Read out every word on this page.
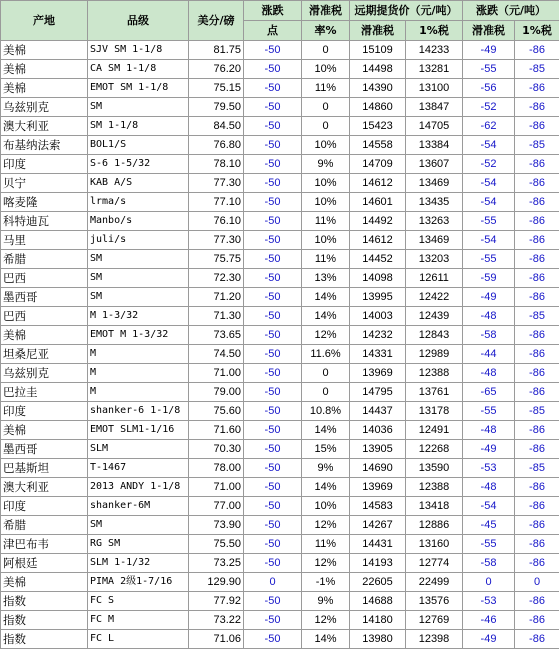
产地	品级	美分/磅	涨跌	滑准税	远期提货价（元/吨）		涨跌（元/吨）	
			点	率%	滑准税	1%税	滑准税	1%税
美棉	SJV SM 1-1/8	81.75	-50	0	15109	14233	-49	-86
美棉	CA SM 1-1/8	76.20	-50	10%	14498	13281	-55	-85
美棉	EMOT SM 1-1/8	75.15	-50	11%	14390	13100	-56	-86
乌兹别克	SM	79.50	-50	0	14860	13847	-52	-86
澳大利亚	SM 1-1/8	84.50	-50	0	15423	14705	-62	-86
布基纳法索	BOL1/S	76.80	-50	10%	14558	13384	-54	-85
印度	S-6 1-5/32	78.10	-50	9%	14709	13607	-52	-86
贝宁	KAB A/S	77.30	-50	10%	14612	13469	-54	-86
喀麦隆	lrma/s	77.10	-50	10%	14601	13435	-54	-86
科特迪瓦	Manbo/s	76.10	-50	11%	14492	13263	-55	-86
马里	juli/s	77.30	-50	10%	14612	13469	-54	-86
希腊	SM	75.75	-50	11%	14452	13203	-55	-86
巴西	SM	72.30	-50	13%	14098	12611	-59	-86
墨西哥	SM	71.20	-50	14%	13995	12422	-49	-86
巴西	M 1-3/32	71.30	-50	14%	14003	12439	-48	-85
美棉	EMOT M 1-3/32	73.65	-50	12%	14232	12843	-58	-86
坦桑尼亚	M	74.50	-50	11.6%	14331	12989	-44	-86
乌兹别克	M	71.00	-50	0	13969	12388	-48	-86
巴拉圭	M	79.00	-50	0	14795	13761	-65	-86
印度	shanker-6 1-1/8	75.60	-50	10.8%	14437	13178	-55	-85
美棉	EMOT SLM1-1/16	71.60	-50	14%	14036	12491	-48	-86
墨西哥	SLM	70.30	-50	15%	13905	12268	-49	-86
巴基斯坦	T-1467	78.00	-50	9%	14690	13590	-53	-85
澳大利亚	2013 ANDY 1-1/8	71.00	-50	14%	13969	12388	-48	-86
印度	shanker-6M	77.00	-50	10%	14583	13418	-54	-86
希腊	SM	73.90	-50	12%	14267	12886	-45	-86
津巴布韦	RG SM	75.50	-50	11%	14431	13160	-55	-86
阿根廷	SLM 1-1/32	73.25	-50	12%	14193	12774	-58	-86
美棉	PIMA 2级1-7/16	129.90	0	-1%	22605	22499	0	0
指数	FC S	77.92	-50	9%	14688	13576	-53	-86
指数	FC M	73.22	-50	12%	14180	12769	-46	-86
指数	FC L	71.06	-50	14%	13980	12398	-49	-86
